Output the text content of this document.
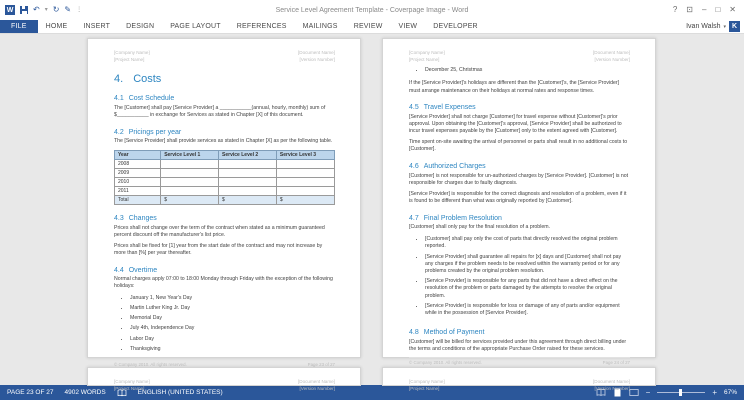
W ↶ ▾ ↻ ✎ ⋮	Service Level Agreement Template - Coverpage Image - Word	? ⊡ – □ ✕
FILE	HOME	INSERT	DESIGN	PAGE LAYOUT	REFERENCES	MAILINGS	REVIEW	VIEW	DEVELOPER	Ivan Walsh ▾ K
[Company Name]
[Project Name]
[Document Name]
[Version Number]
4. Costs
4.1 Cost Schedule
The [Customer] shall pay [Service Provider] a ___________(annual, hourly, monthly) sum of $___________ in exchange for Services as stated in Chapter [X] of this document.
4.2 Pricings per year
The [Service Provider] shall provide services as stated in Chapter [X] as per the following table.
Year	Service Level 1	Service Level 2	Service Level 3
2008			
2009			
2010			
2011			
Total	$	$	$
4.3 Changes
Prices shall not change over the term of the contract when stated as a minimum guaranteed percent discount off the manufacturer's list price.
Prices shall be fixed for [1] year from the start date of the contract and may not increase by more than [%] per year thereafter.
4.4 Overtime
Normal charges apply 07:00 to 18:00 Monday through Friday with the exception of the following holidays:
• January 1, New Year's Day
• Martin Luther King Jr. Day
• Memorial Day
• July 4th, Independence Day
• Labor Day
• Thanksgiving
© Company 2010. All rights reserved.	Page 23 of 27
[Company Name]
[Project Name]
[Document Name]
[Version Number]
• December 25, Christmas
If the [Service Provider]'s holidays are different than the [Customer]'s, the [Service Provider] must arrange maintenance on their holidays at normal rates and response times.
4.5 Travel Expenses
[Service Provider] shall not charge [Customer] for travel expense without [Customer]'s prior approval. Upon obtaining the [Customer]'s approval, [Service Provider] shall be authorized to incur travel expenses payable by the [Customer] only to the extent agreed with [Customer].
Time spent on-site awaiting the arrival of personnel or parts shall result in no additional costs to [Customer].
4.6 Authorized Charges
[Customer] is not responsible for un-authorized charges by [Service Provider]. [Customer] is not responsible for charges due to faulty diagnosis.
[Service Provider] is responsible for the correct diagnosis and resolution of a problem, even if it is found to be different than what was originally reported by [Customer].
4.7 Final Problem Resolution
[Customer] shall only pay for the final resolution of a problem.
• [Customer] shall pay only the cost of parts that directly resolved the original problem reported.
• [Service Provider] shall guarantee all repairs for [x] days and [Customer] shall not pay any charges if the problem needs to be resolved within the warranty period or for any problems created by the original problem resolution.
• [Service Provider] is responsible for any parts that did not have a direct effect on the resolution of the problem or parts damaged by the attempts to resolve the original problem.
• [Service Provider] is responsible for loss or damage of any of parts and/or equipment while in the possession of [Service Provider].
4.8 Method of Payment
[Customer] will be billed for services provided under this agreement through direct billing under the terms and conditions of the appropriate Purchase Order raised for these services.
© Company 2010. All rights reserved.	Page 24 of 27
[Company Name]
[Project Name]
[Document Name]
[Version Number]
[Company Name]
[Project Name]
[Document Name]
[Version Number]
PAGE 23 OF 27 4902 WORDS	ENGLISH (UNITED STATES)	−	+ 67%
